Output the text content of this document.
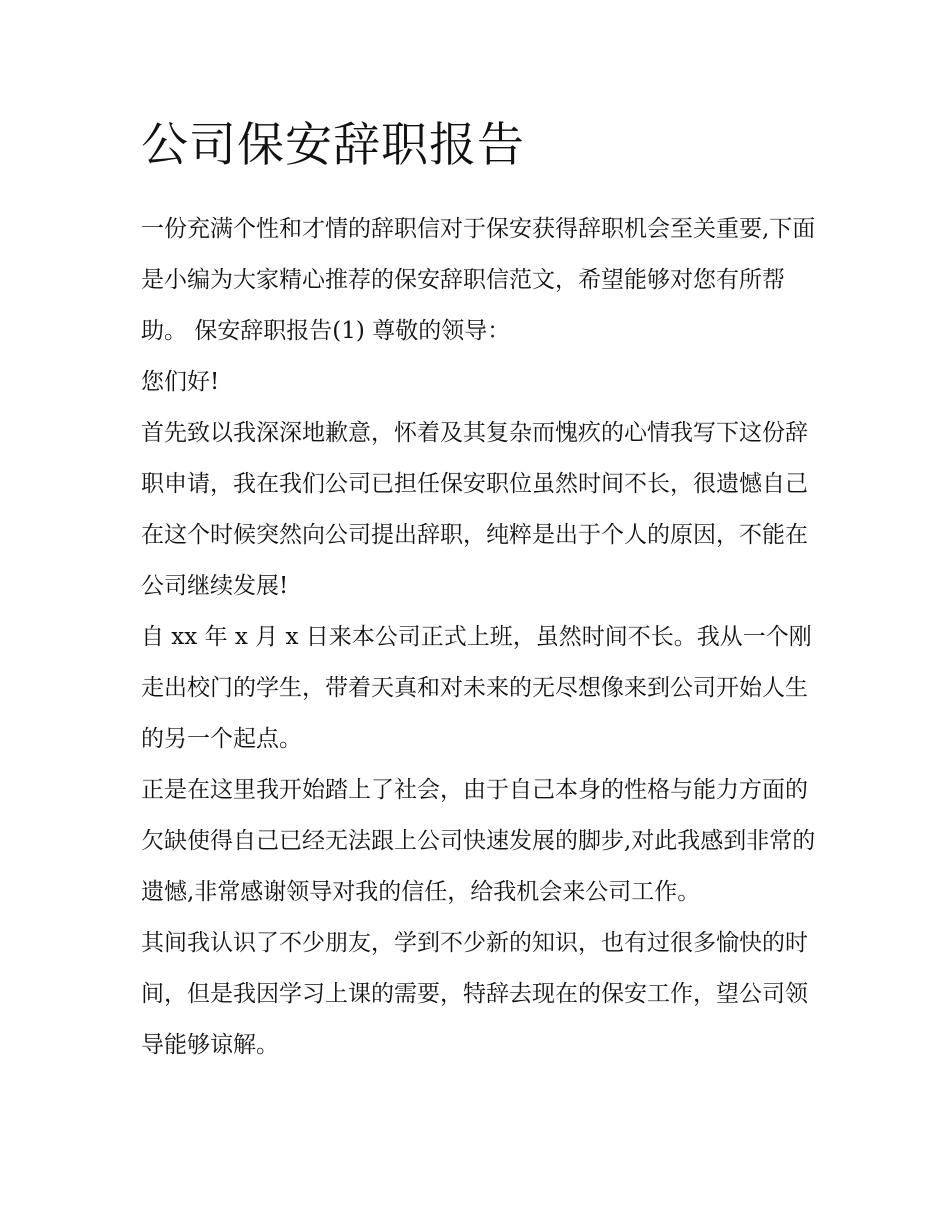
公司保安辞职报告

一份充满个性和才情的辞职信对于保安获得辞职机会至关重要,下面是小编为大家精心推荐的保安辞职信范文，希望能够对您有所帮助。 保安辞职报告(1) 尊敬的领导：

您们好!

首先致以我深深地歉意，怀着及其复杂而愧疚的心情我写下这份辞职申请，我在我们公司已担任保安职位虽然时间不长，很遗憾自己在这个时候突然向公司提出辞职，纯粹是出于个人的原因，不能在公司继续发展!

自 xx 年 x 月 x 日来本公司正式上班，虽然时间不长。我从一个刚走出校门的学生，带着天真和对未来的无尽想像来到公司开始人生的另一个起点。

正是在这里我开始踏上了社会，由于自己本身的性格与能力方面的欠缺使得自己已经无法跟上公司快速发展的脚步,对此我感到非常的遗憾,非常感谢领导对我的信任，给我机会来公司工作。

其间我认识了不少朋友，学到不少新的知识，也有过很多愉快的时间，但是我因学习上课的需要，特辞去现在的保安工作，望公司领导能够谅解。
